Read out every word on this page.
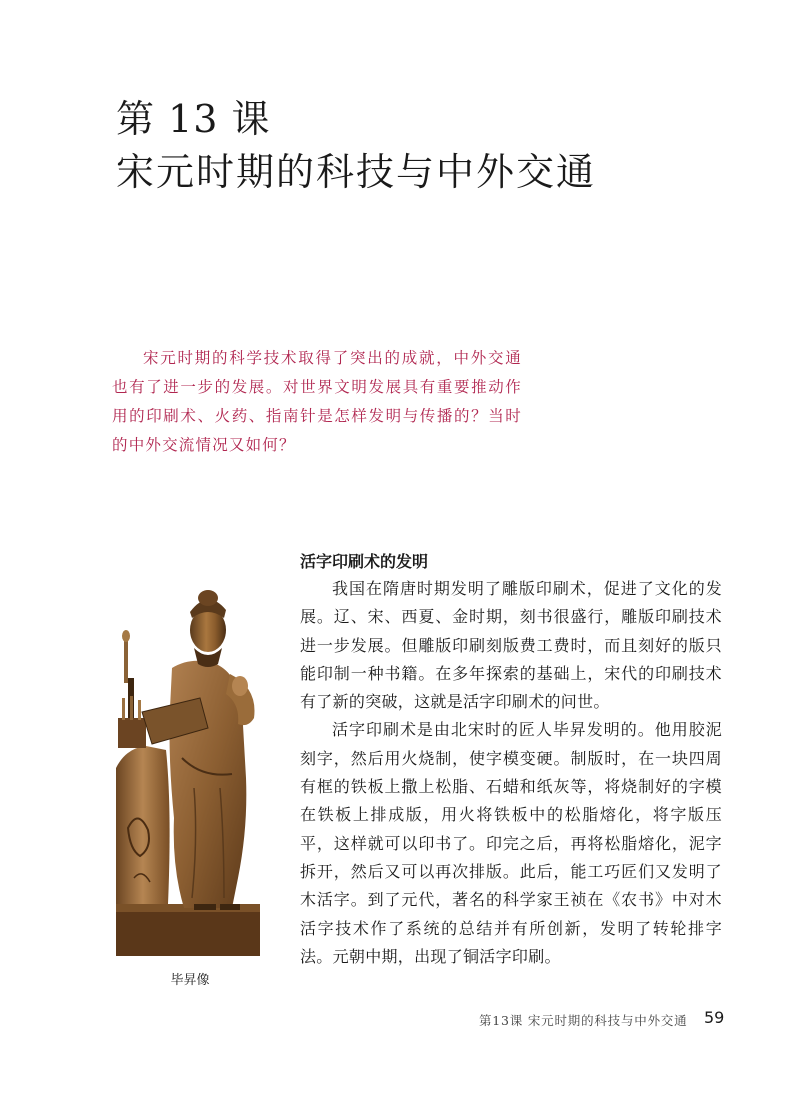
第 13 课
宋元时期的科技与中外交通
宋元时期的科学技术取得了突出的成就，中外交通也有了进一步的发展。对世界文明发展具有重要推动作用的印刷术、火药、指南针是怎样发明与传播的？当时的中外交流情况又如何？
毕昇像
活字印刷术的发明

我国在隋唐时期发明了雕版印刷术，促进了文化的发展。辽、宋、西夏、金时期，刻书很盛行，雕版印刷技术进一步发展。但雕版印刷刻版费工费时，而且刻好的版只能印制一种书籍。在多年探索的基础上，宋代的印刷技术有了新的突破，这就是活字印刷术的问世。

活字印刷术是由北宋时的匠人毕昇发明的。他用胶泥刻字，然后用火烧制，使字模变硬。制版时，在一块四周有框的铁板上撒上松脂、石蜡和纸灰等，将烧制好的字模在铁板上排成版，用火将铁板中的松脂熔化，将字版压平，这样就可以印书了。印完之后，再将松脂熔化，泥字拆开，然后又可以再次排版。此后，能工巧匠们又发明了木活字。到了元代，著名的科学家王祯在《农书》中对木活字技术作了系统的总结并有所创新，发明了转轮排字法。元朝中期，出现了铜活字印刷。

第13课 宋元时期的科技与中外交通 59
